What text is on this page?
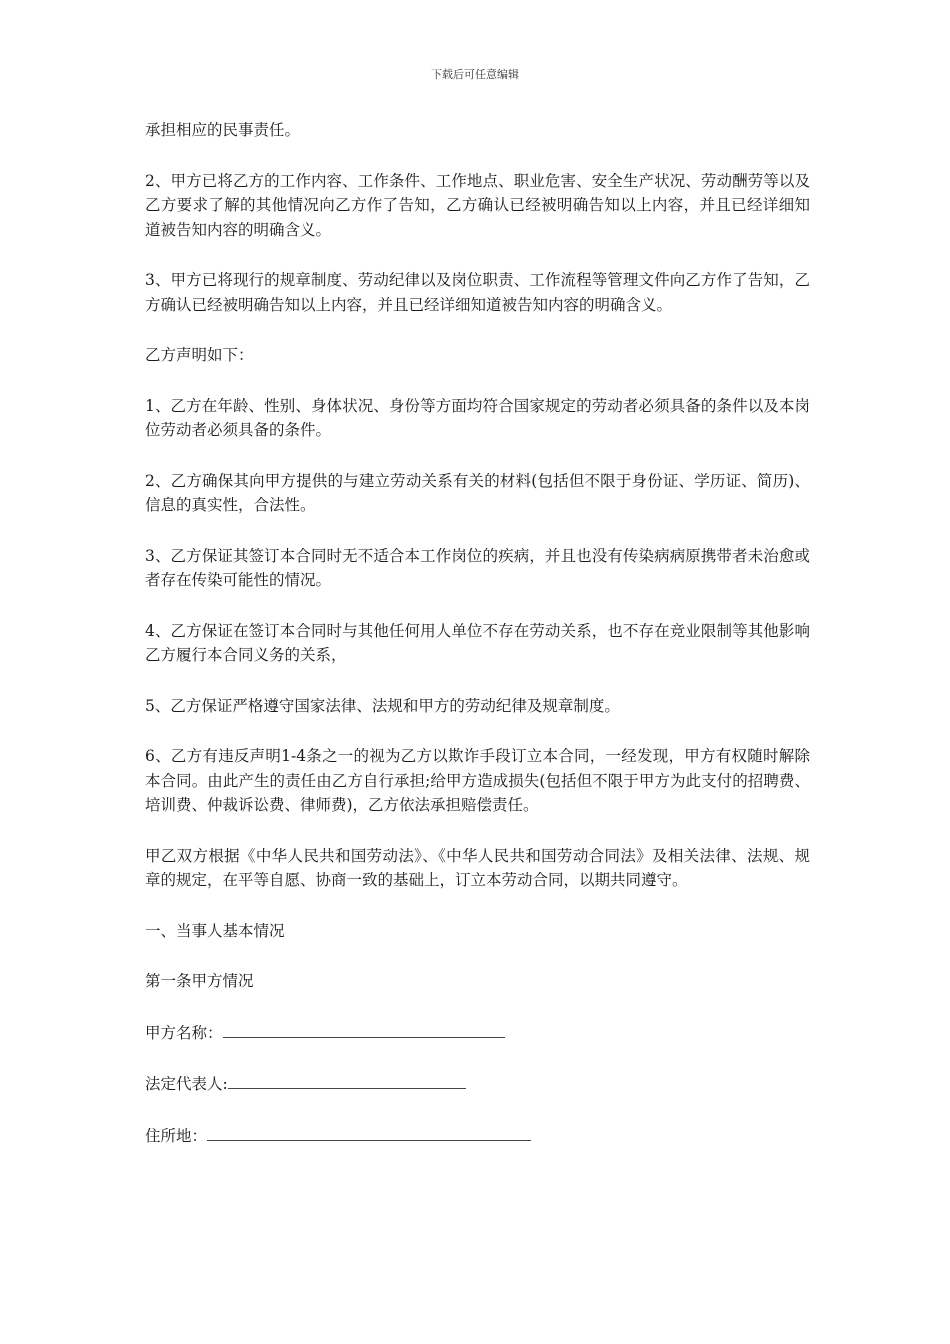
下载后可任意编辑

承担相应的民事责任。

2、甲方已将乙方的工作内容、工作条件、工作地点、职业危害、安全生产状况、劳动酬劳等以及乙方要求了解的其他情况向乙方作了告知，乙方确认已经被明确告知以上内容，并且已经详细知道被告知内容的明确含义。

3、甲方已将现行的规章制度、劳动纪律以及岗位职责、工作流程等管理文件向乙方作了告知，乙方确认已经被明确告知以上内容，并且已经详细知道被告知内容的明确含义。

乙方声明如下：

1、乙方在年龄、性别、身体状况、身份等方面均符合国家规定的劳动者必须具备的条件以及本岗位劳动者必须具备的条件。

2、乙方确保其向甲方提供的与建立劳动关系有关的材料(包括但不限于身份证、学历证、简历)、信息的真实性，合法性。

3、乙方保证其签订本合同时无不适合本工作岗位的疾病，并且也没有传染病病原携带者未治愈或者存在传染可能性的情况。

4、乙方保证在签订本合同时与其他任何用人单位不存在劳动关系，也不存在竞业限制等其他影响乙方履行本合同义务的关系，

5、乙方保证严格遵守国家法律、法规和甲方的劳动纪律及规章制度。

6、乙方有违反声明1-4条之一的视为乙方以欺诈手段订立本合同，一经发现，甲方有权随时解除本合同。由此产生的责任由乙方自行承担;给甲方造成损失(包括但不限于甲方为此支付的招聘费、培训费、仲裁诉讼费、律师费)，乙方依法承担赔偿责任。

甲乙双方根据《中华人民共和国劳动法》、《中华人民共和国劳动合同法》及相关法律、法规、规章的规定，在平等自愿、协商一致的基础上，订立本劳动合同，以期共同遵守。

一、当事人基本情况

第一条甲方情况

甲方名称：
法定代表人:
住所地：
